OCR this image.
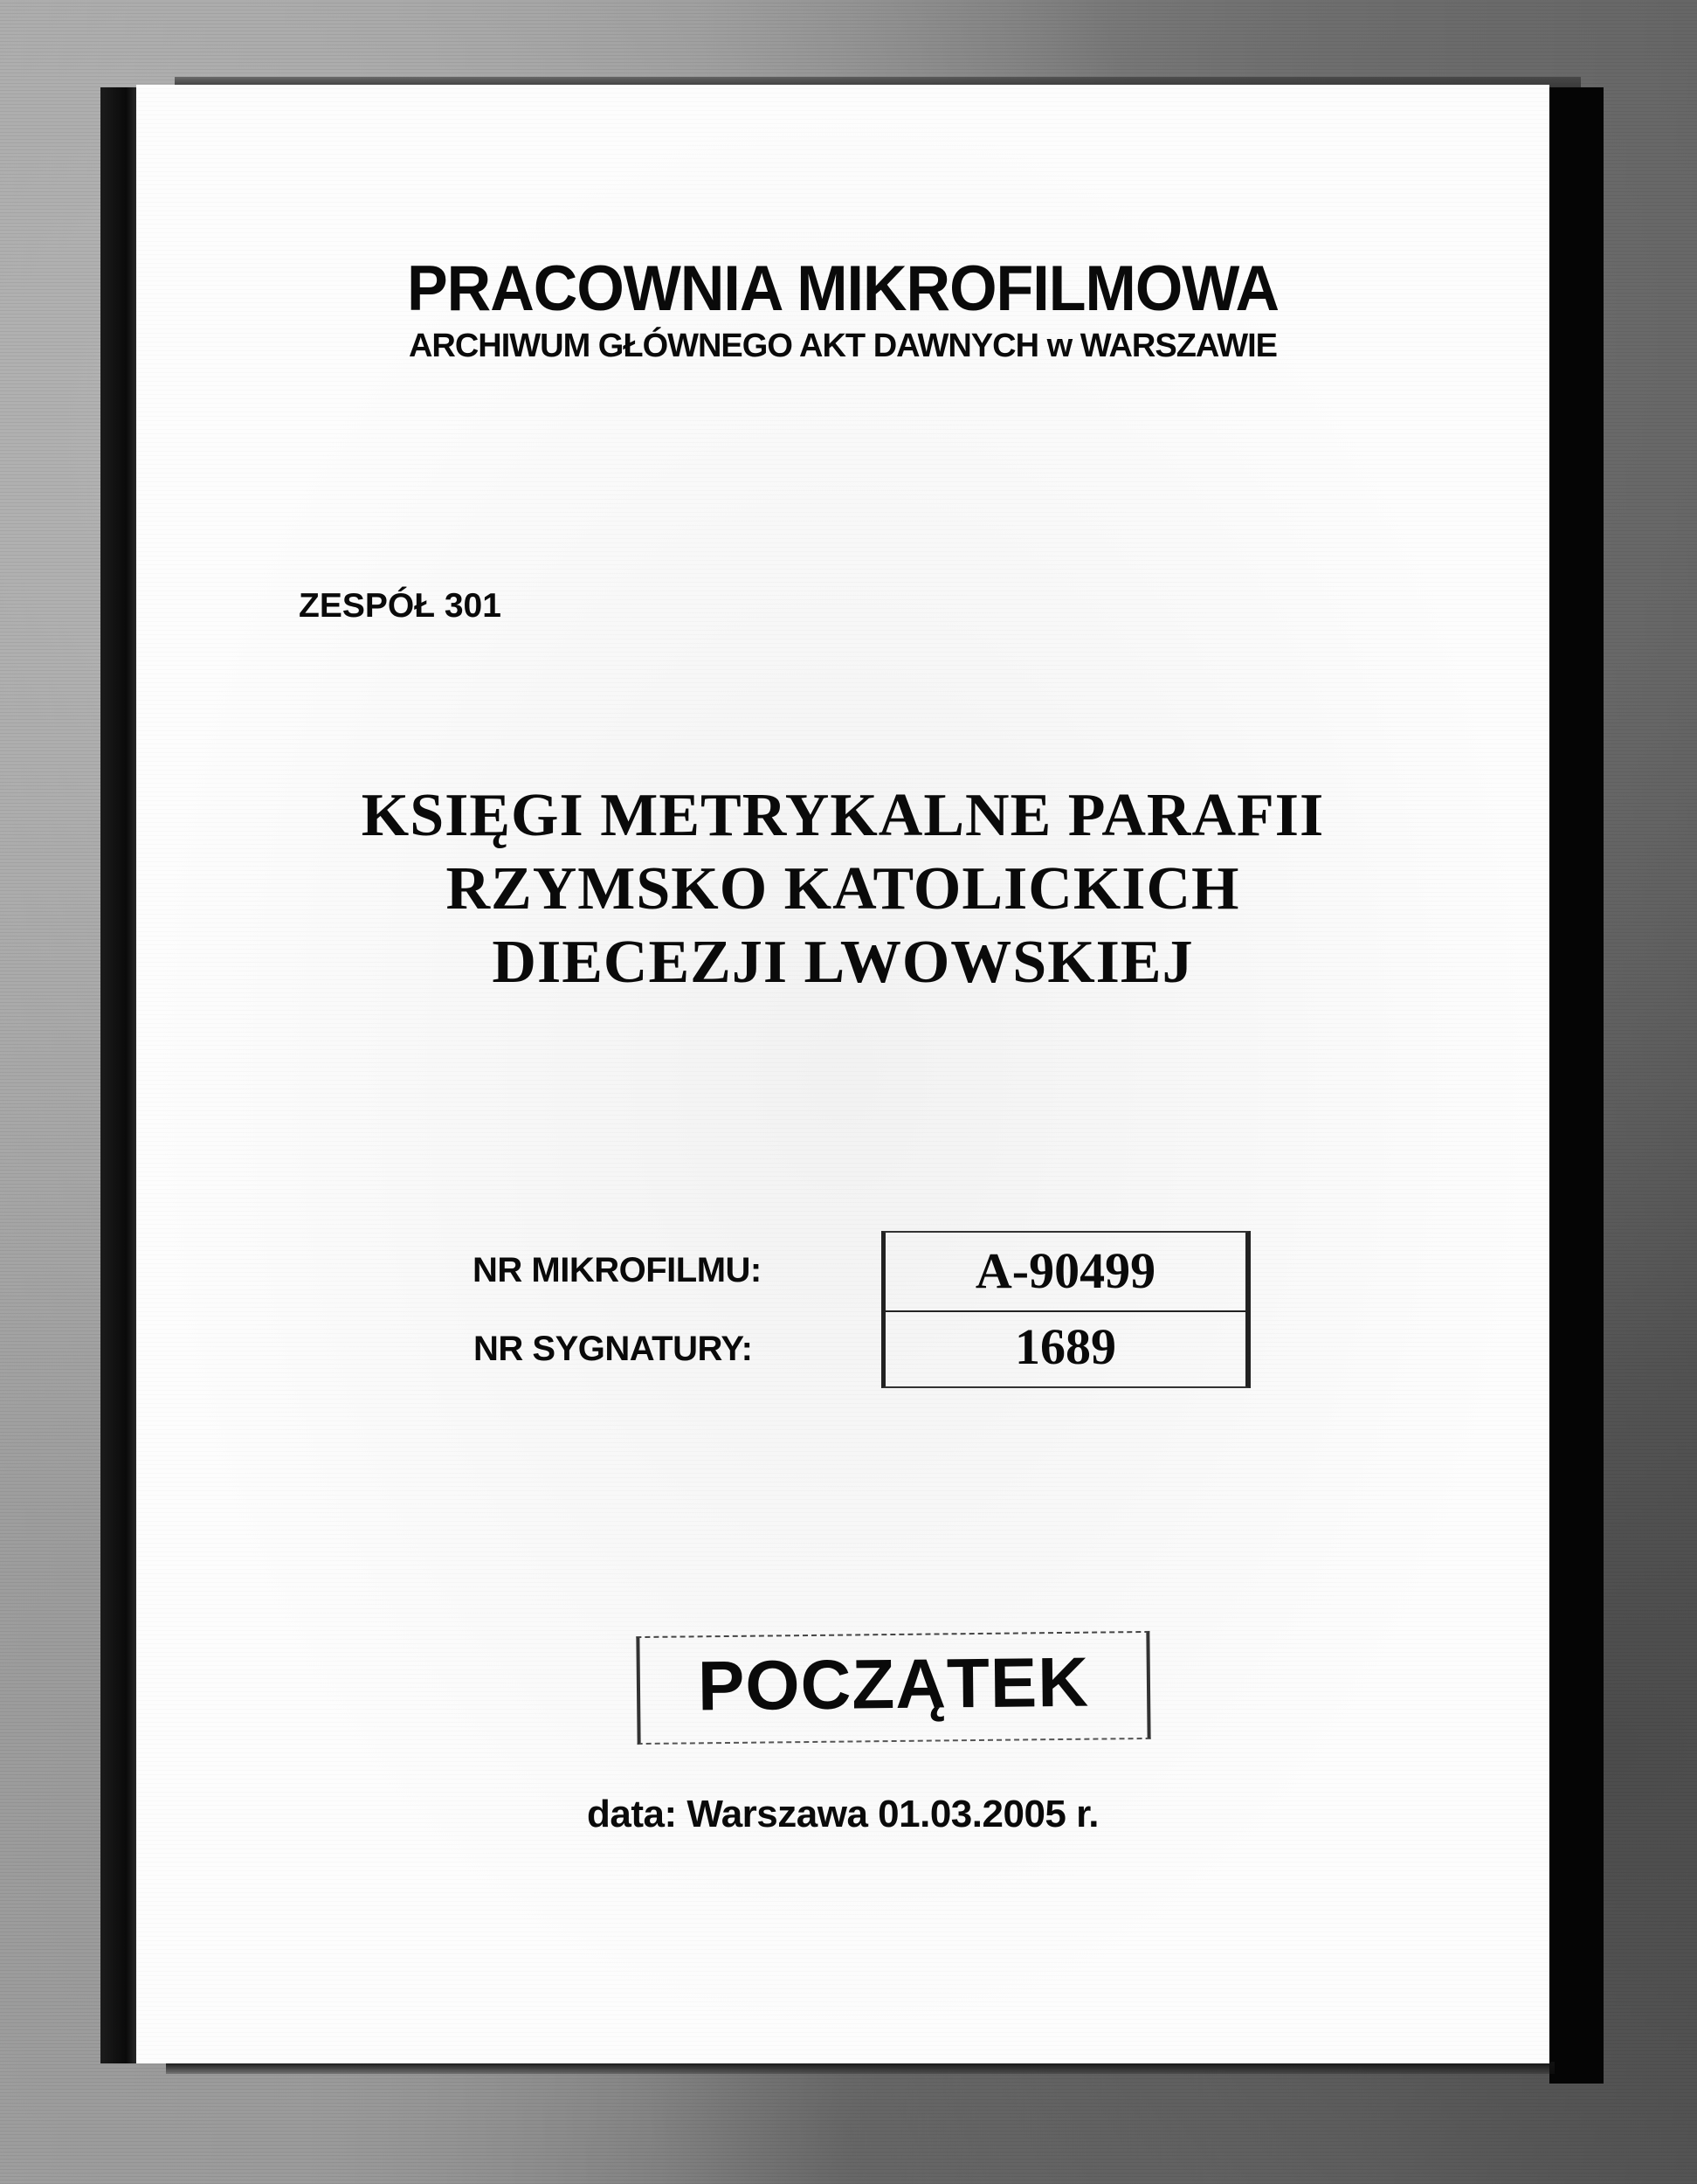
PRACOWNIA MIKROFILMOWA
ARCHIWUM GŁÓWNEGO AKT DAWNYCH w WARSZAWIE
ZESPÓŁ 301
KSIĘGI METRYKALNE PARAFII
RZYMSKO KATOLICKICH
DIECEZJI LWOWSKIEJ
NR MIKROFILMU:
NR SYGNATURY:
A-90499
1689
POCZĄTEK
data: Warszawa 01.03.2005 r.
